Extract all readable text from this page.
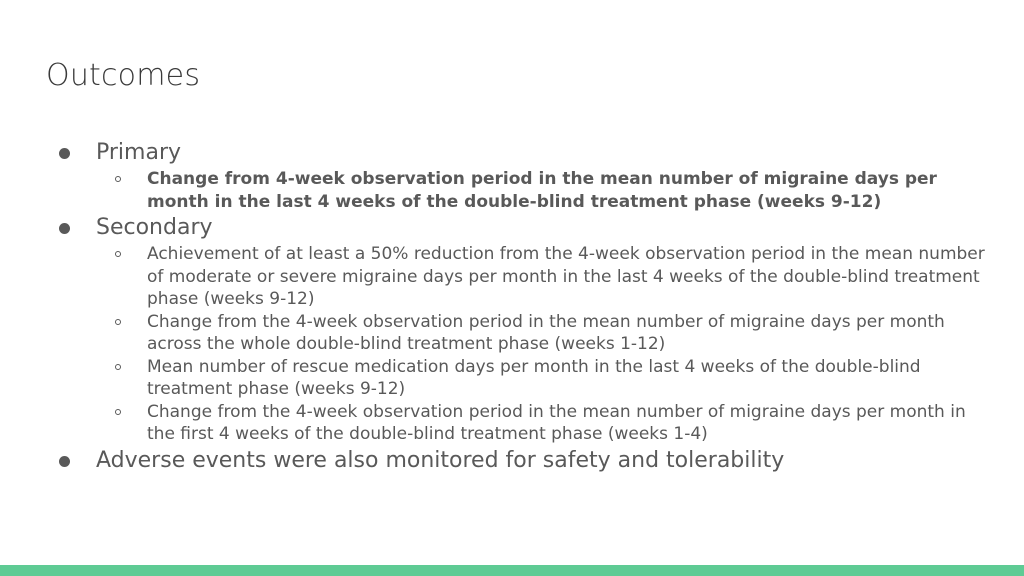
Outcomes
Primary
Change from 4-week observation period in the mean number of migraine days per month in the last 4 weeks of the double-blind treatment phase (weeks 9-12)
Secondary
Achievement of at least a 50% reduction from the 4-week observation period in the mean number of moderate or severe migraine days per month in the last 4 weeks of the double-blind treatment phase (weeks 9-12)
Change from the 4-week observation period in the mean number of migraine days per month across the whole double-blind treatment phase (weeks 1-12)
Mean number of rescue medication days per month in the last 4 weeks of the double-blind treatment phase (weeks 9-12)
Change from the 4-week observation period in the mean number of migraine days per month in the first 4 weeks of the double-blind treatment phase (weeks 1-4)
Adverse events were also monitored for safety and tolerability
